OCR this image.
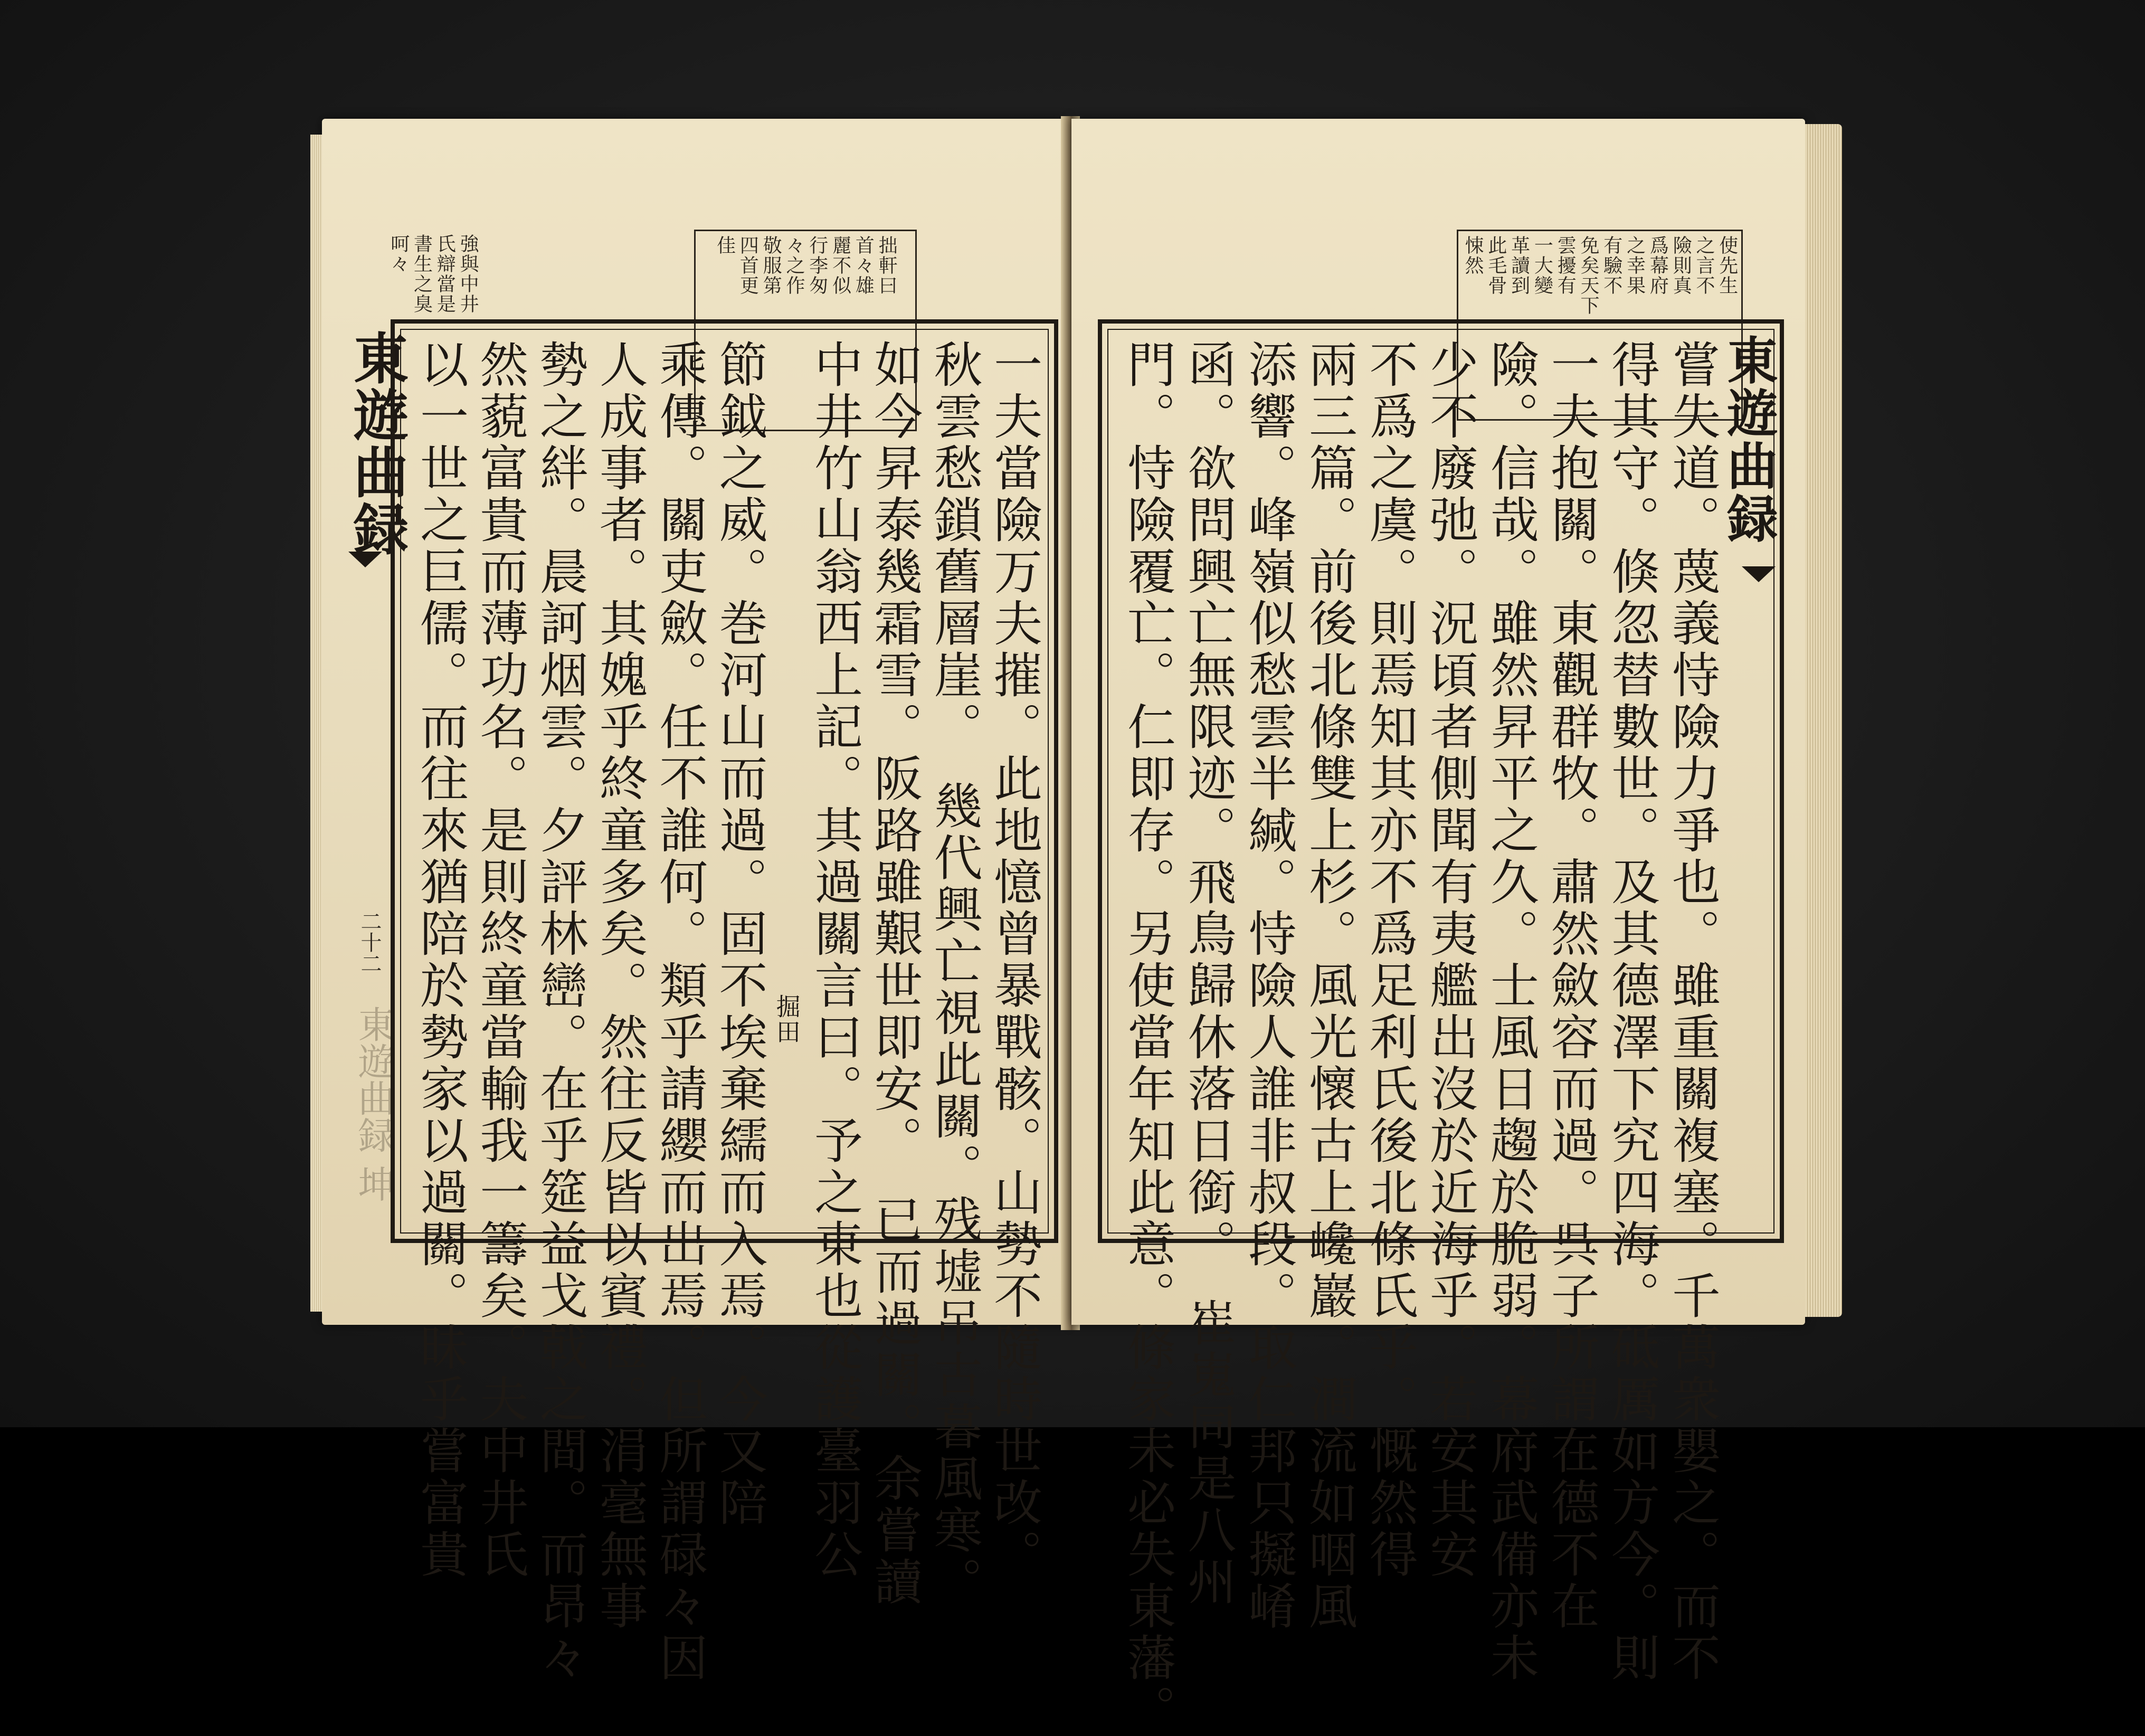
拙軒曰
首々雄
麗不似
行李匆
々之作
敬服第
四首更
佳
強與中井
氏辯當是
書生之臭
呵々
東遊曲録
二十二
東遊曲録 坤	一夫當險万夫摧。此地憶曾暴戰骸。山勢不隨時世改。
秋雲愁鎖舊層崖。　幾代興亡視此關。残墟吊古暮風寒。
如今昇泰幾霜雪。阪路雖艱世即安。　已而過關。余嘗讀
中井竹山翁西上記。其過關言曰。予之東也從護臺羽公
掘田
節鉞之威。巻河山而過。固不埃棄繻而入焉。今又陪
乘傳。關吏斂。任不誰何。類乎請纓而出焉。但所謂碌々因
人成事者。其媿乎終童多矣。然往反皆以賓禮。涓毫無事
勢之絆。晨訶烟雲。夕評林巒。在乎筵益戈戟之間。而昂々
然藐富貴而薄功名。是則終童當輸我一籌矣。夫中井氏
以一世之巨儒。而往來猶陪於勢家以過關。昧乎嘗富貴
使先生
之言不
險則真
爲幕府
之幸果
有驗不
免矣天下
雲擾有
一大變
革讀到
此毛骨
悚然
嘗失道。蔑義恃險力爭也。雖重關複塞。千萬衆嬰之。而不
得其守。倏忽替數世。及其德澤下究四海。砥厲如方今。則
一夫抱關。東觀群牧。肅然斂容而過。呉子所謂在德不在
險。信哉。雖然昇平之久。士風日趨於脆弱。幕府武備亦未
少不廢弛。況頃者側聞有夷艦出沒於近海乎。若安其安
不爲之虞。則焉知其亦不爲足利氏後北條氏乎。慨然得
兩三篇。前後北條雙上杉。風光懷古上巉巖。澗流如咽風
添響。峰嶺似愁雲半緘。恃險人誰非叔段。取仁邦只擬崤
函。欲問興亡無限迹。飛鳥歸休落日銜。　崔嵬同是八州
門。恃險覆亡。仁即存。另使當年知此意。條家未必失東藩。	東遊曲録
